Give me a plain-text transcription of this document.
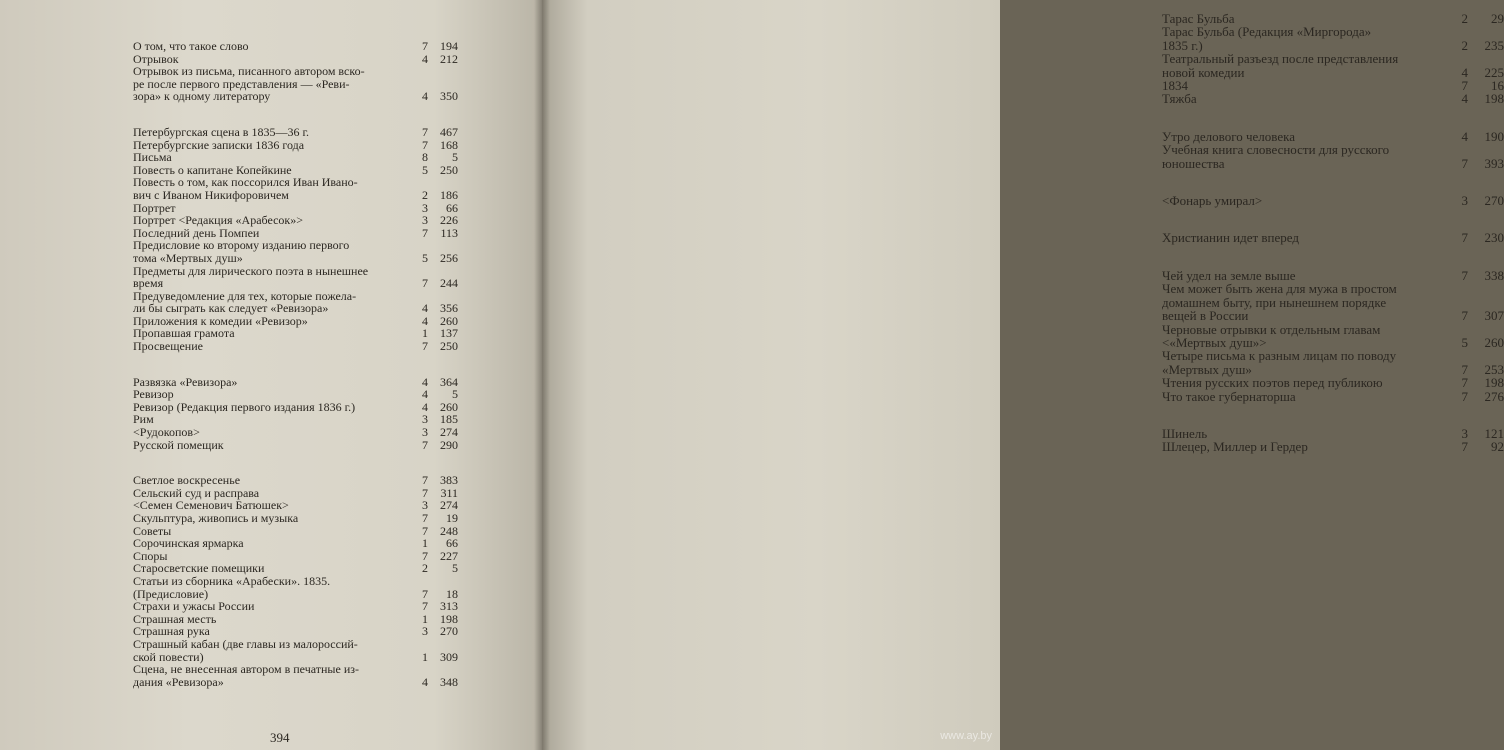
О том, что такое слово	7	194
Отрывок	4	212
Отрывок из письма, писанного автором вско-
ре после первого представления — «Реви-
зора» к одному литератору	4	350
Петербургская сцена в 1835—36 г.	7	467
Петербургские записки 1836 года	7	168
Письма	8	5
Повесть о капитане Копейкине	5	250
Повесть о том, как поссорился Иван Ивано-
вич с Иваном Никифоровичем	2	186
Портрет	3	66
Портрет <Редакция «Арабесок»>	3	226
Последний день Помпеи	7	113
Предисловие ко второму изданию первого
тома «Мертвых душ»	5	256
Предметы для лирического поэта в нынешнее
время	7	244
Предуведомление для тех, которые пожела-
ли бы сыграть как следует «Ревизора»	4	356
Приложения к комедии «Ревизор»	4	260
Пропавшая грамота	1	137
Просвещение	7	250
Развязка «Ревизора»	4	364
Ревизор	4	5
Ревизор (Редакция первого издания 1836 г.)	4	260
Рим	3	185
<Рудокопов>	3	274
Русской помещик	7	290
Светлое воскресенье	7	383
Сельский суд и расправа	7	311
<Семен Семенович Батюшек>	3	274
Скульптура, живопись и музыка	7	19
Советы	7	248
Сорочинская ярмарка	1	66
Споры	7	227
Старосветские помещики	2	5
Статьи из сборника «Арабески». 1835.
(Предисловие)	7	18
Страхи и ужасы России	7	313
Страшная месть	1	198
Страшная рука	3	270
Страшный кабан (две главы из малороссий-
ской повести)	1	309
Сцена, не внесенная автором в печатные из-
дания «Ревизора»	4	348
394
Тарас Бульба	2	29
Тарас Бульба (Редакция «Миргорода»
1835 г.)	2	235
Театральный разъезд после представления
новой комедии	4	225
1834	7	16
Тяжба	4	198
Утро делового человека	4	190
Учебная книга словесности для русского
юношества	7	393
<Фонарь умирал>	3	270
Христианин идет вперед	7	230
Чей удел на земле выше	7	338
Чем может быть жена для мужа в простом
домашнем быту, при нынешнем порядке
вещей в России	7	307
Черновые отрывки к отдельным главам
<«Мертвых душ»>	5	260
Четыре письма к разным лицам по поводу
«Мертвых душ»	7	253
Чтения русских поэтов перед публикою	7	198
Что такое губернаторша	7	276
Шинель	3	121
Шлецер, Миллер и Гердер	7	92
www.ay.by
